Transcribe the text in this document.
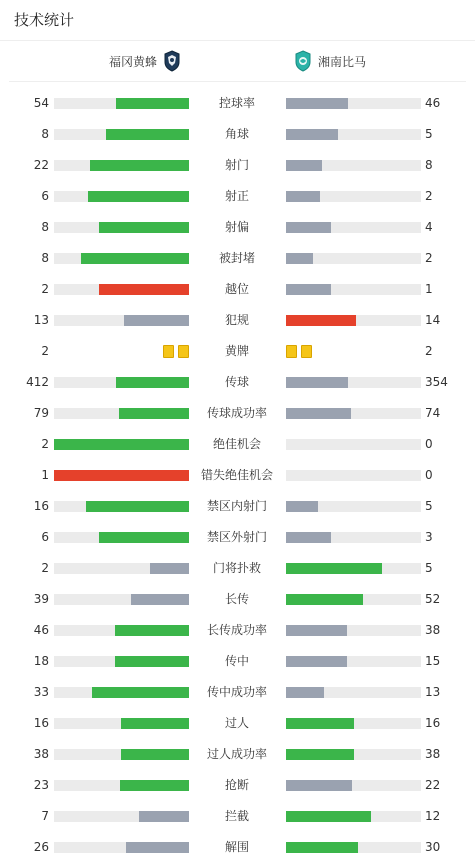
技术统计
福冈黄蜂	湘南比马
54	控球率	46
8	角球	5
22	射门	8
6	射正	2
8	射偏	4
8	被封堵	2
2	越位	1
13	犯规	14
2	黄牌	2
412	传球	354
79	传球成功率	74
2	绝佳机会	0
1	错失绝佳机会	0
16	禁区内射门	5
6	禁区外射门	3
2	门将扑救	5
39	长传	52
46	长传成功率	38
18	传中	15
33	传中成功率	13
16	过人	16
38	过人成功率	38
23	抢断	22
7	拦截	12
26	解围	30
